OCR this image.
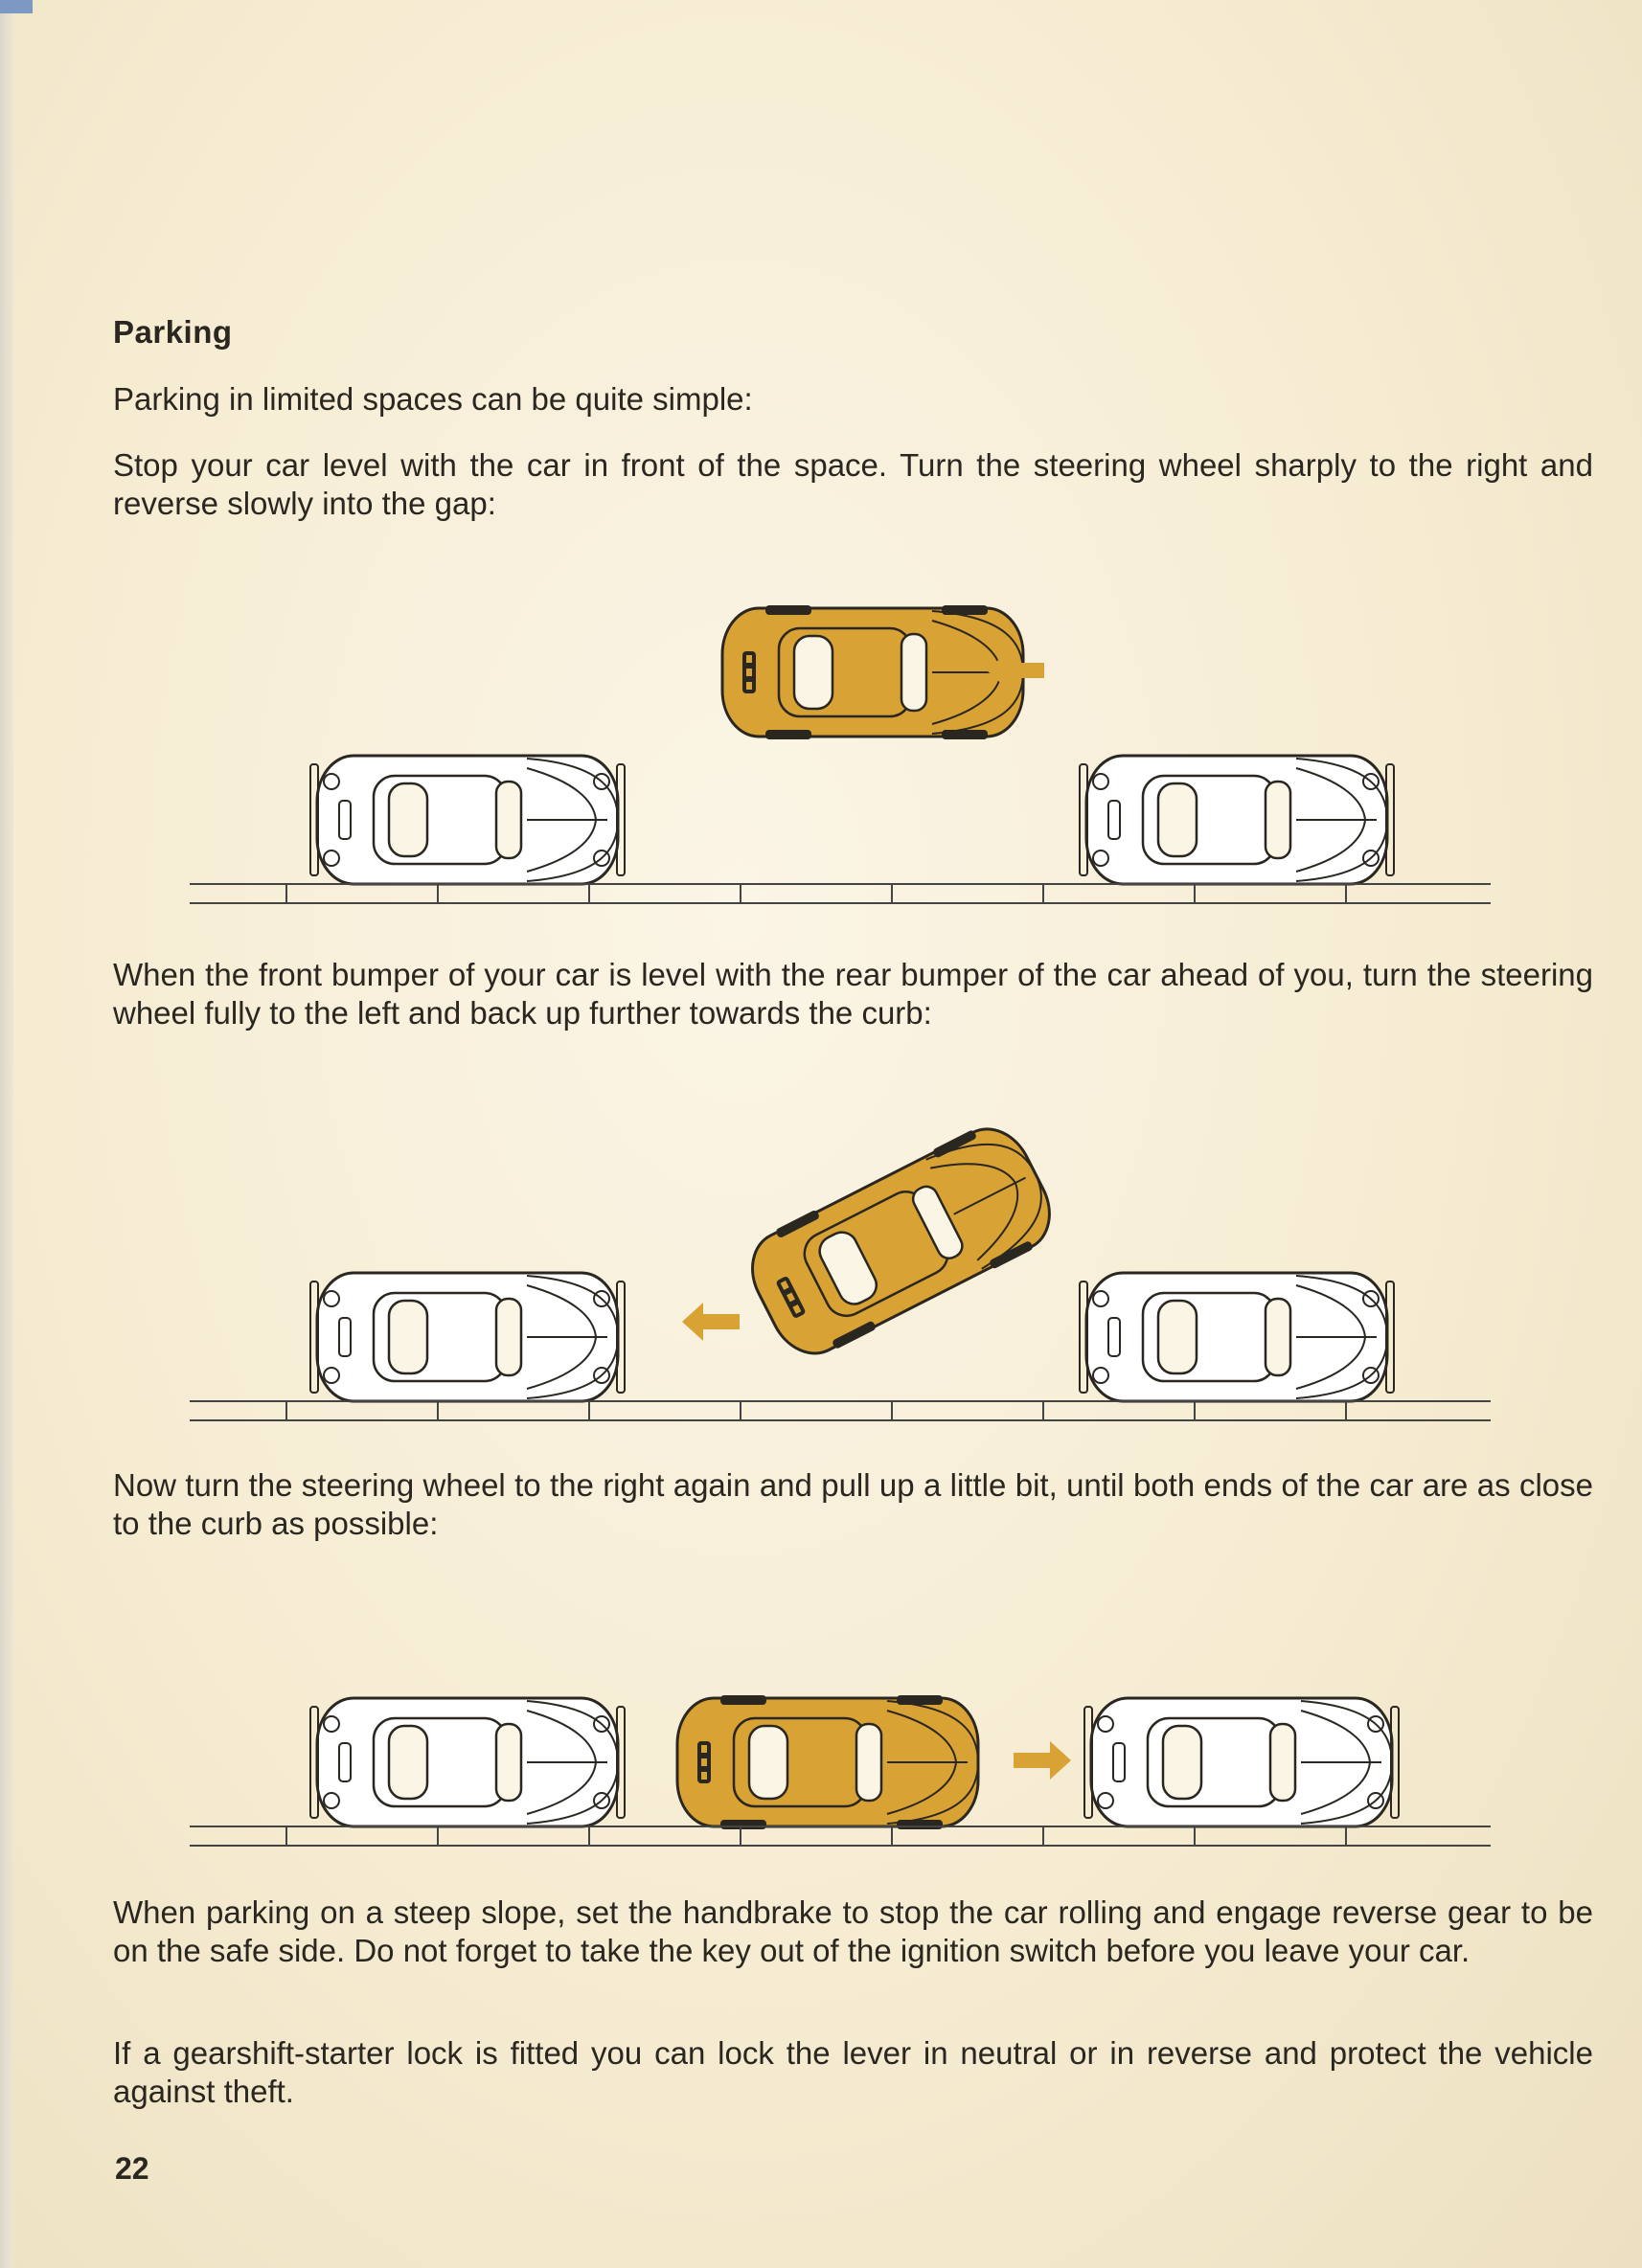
Parking
Parking in limited spaces can be quite simple:
Stop your car level with the car in front of the space. Turn the steering wheel sharply to the right and reverse slowly into the gap:
When the front bumper of your car is level with the rear bumper of the car ahead of you, turn the steering wheel fully to the left and back up further towards the curb:
Now turn the steering wheel to the right again and pull up a little bit, until both ends of the car are as close to the curb as possible:
When parking on a steep slope, set the handbrake to stop the car rolling and engage reverse gear to be on the safe side. Do not forget to take the key out of the ignition switch before you leave your car.
If a gearshift-starter lock is fitted you can lock the lever in neutral or in reverse and protect the vehicle against theft.
22
